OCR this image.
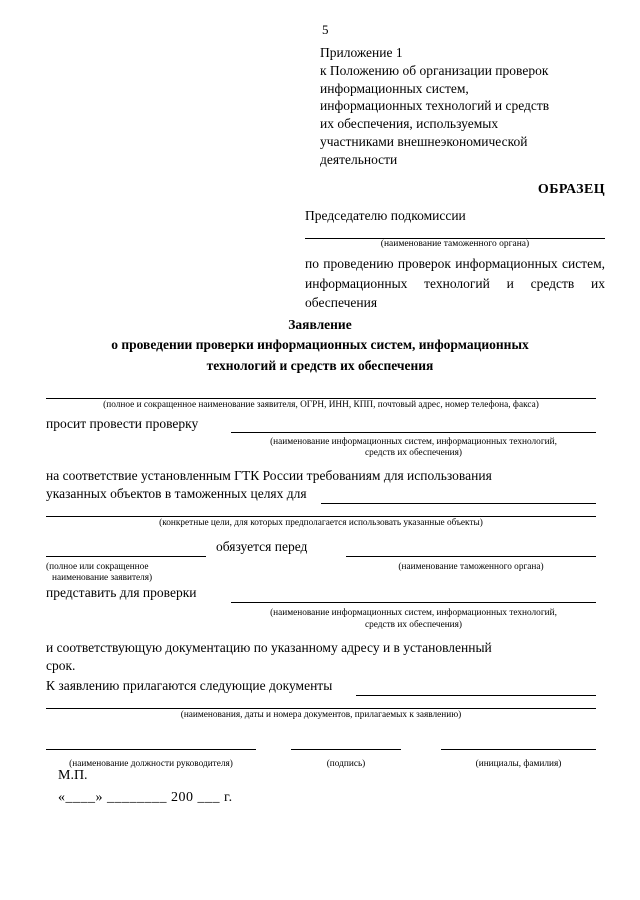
5
Приложение 1
к Положению об организации проверок
информационных систем,
информационных технологий и средств
их обеспечения, используемых
участниками внешнеэкономической
деятельности
ОБРАЗЕЦ
Председателю подкомиссии
(наименование таможенного органа)
по проведению проверок информационных систем, информационных технологий и средств их обеспечения
Заявление
о проведении проверки информационных систем, информационных
технологий и средств их обеспечения
(полное и сокращенное наименование заявителя, ОГРН, ИНН, КПП, почтовый адрес, номер телефона, факса)
просит провести проверку
(наименование информационных систем, информационных технологий,
средств их обеспечения)
на соответствие установленным ГТК России требованиям для использования
указанных объектов в таможенных целях для
(конкретные цели, для которых предполагается использовать указанные объекты)
обязуется перед
(полное или сокращенное
наименование заявителя)
(наименование таможенного органа)
представить для проверки
(наименование информационных систем, информационных технологий,
средств их обеспечения)
и соответствующую документацию по указанному адресу и в установленный
срок.
К заявлению прилагаются следующие документы
(наименования, даты и номера документов, прилагаемых к заявлению)
(наименование должности руководителя)	(подпись)	(инициалы, фамилия)
М.П.
«____» ________ 200 ___ г.
